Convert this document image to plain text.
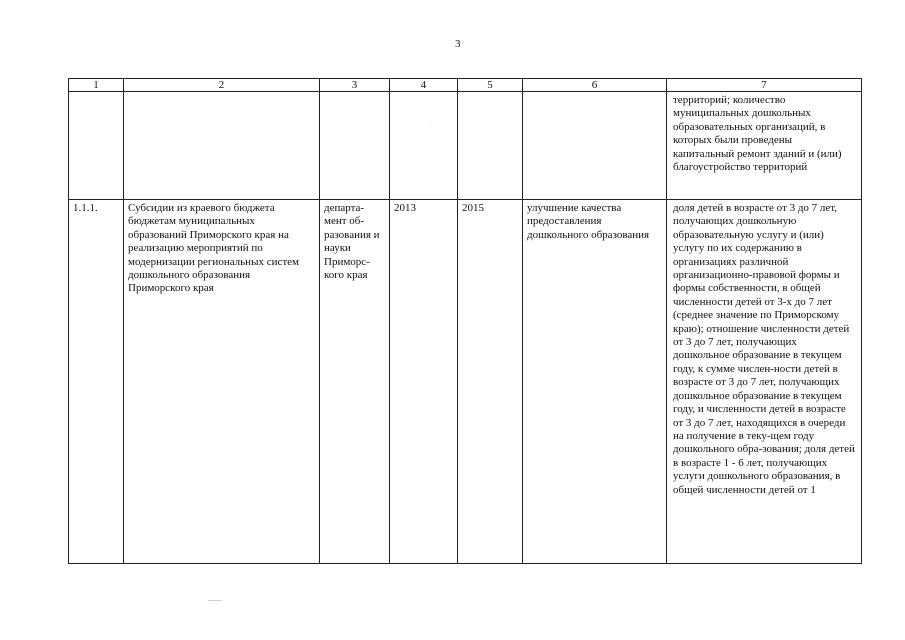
3
1	2	3	4	5	6	7
						территорий; количество муниципальных дошкольных образовательных организаций, в которых были проведены капитальный ремонт зданий и (или) благоустройство территорий
1.1.1.	Субсидии из краевого бюджета бюджетам муниципальных образований Приморского края на реализацию мероприятий по модернизации региональных систем дошкольного образования Приморского края	департа-мент об-разования и науки Приморс-кого края	2013	2015	улучшение качества предоставления дошкольного образования	доля детей в возрасте от 3 до 7 лет, получающих дошкольную образовательную услугу и (или) услугу по их содержанию в организациях различной организационно-правовой формы и формы собственности, в общей численности детей от 3-х до 7 лет (среднее значение по Приморскому краю); отношение численности детей от 3 до 7 лет, получающих дошкольное образование в текущем году, к сумме числен-ности детей в возрасте от 3 до 7 лет, получающих дошкольное образование в текущем году, и численности детей в возрасте от 3 до 7 лет, находящихся в очереди на получение в теку-щем году дошкольного обра-зования; доля детей в возрасте 1 - 6 лет, получающих услуги дошкольного образования, в общей численности детей от 1
